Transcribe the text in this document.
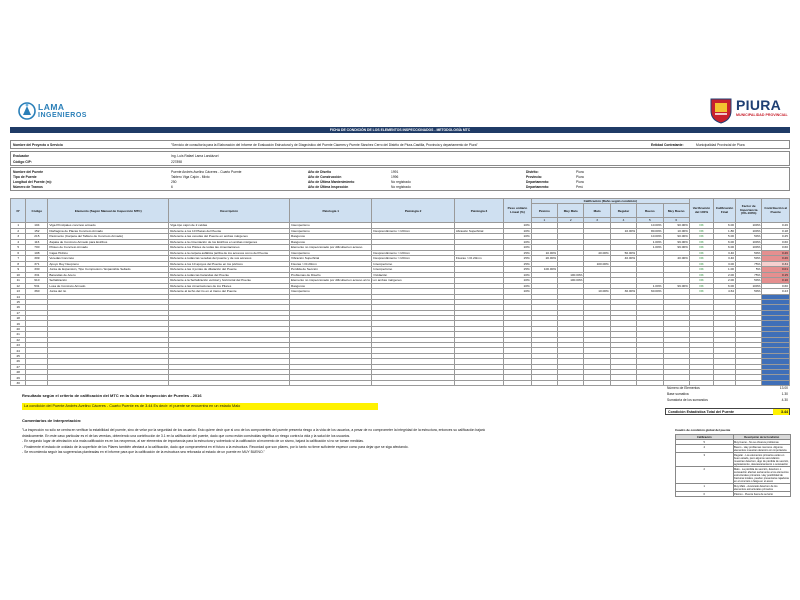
LAMA
INGENIEROS
PIURA
MUNICIPALIDAD PROVINCIAL
FICHA DE CONDICIÓN DE LOS ELEMENTOS INSPECCIONADOS - METODOLOGÍA MTC
Nombre del Proyecto o Servicio	"Servicio de consultoría para la Elaboración del Informe de Evaluación Estructural y de Diagnóstico del Puente Cáceres y Puente Sánchez Cerro del Distrito de Piura-Castilla, Provincia y departamento de Piura"	Entidad Contratante:	Municipalidad Provincial de Piura
Evaluador	Ing. Luis Rafael Lama Landázuri
Código CIP:	227898
Nombre del Puente	Puente Andrés Avelino Cáceres - Cuarto Puente
Tipo de Puente	Tablero Viga Cajón - Mixto
Longitud del Puente (m):	250
Número de Tramos	6
Año de Diseño	1991
Año de Construcción	1996
Año de Última Mantenimiento	No registrado
Año de Última Inspección	No registrado
Distrito:	Piura
Provincia:	Piura
Departamento:	Piura
Departamento:	Perú
N°	Código	Elemento (Según Manual de Inspección MTC)	Descripción	Patología 1	Patología 2	Patología 3	Peso unitario Lineal (%)	Calificación (Daño según condición)						Verificación del 100%	Calificación Final	Factor de Importancia (0%-100%)	Contribución al Puente
								Pésimo	Muy Malo	Malo	Regular	Bueno	Muy Bueno				
								1	2	3	4	5	6				
1	104	Viga Principales concreto armado	Viga tipo cajón de 2 celdas	Intemperismo			10%					10.00%	90.00%	OK	6.00	100%	0.26
2	152	Diafragma de Placas Concreto Armado	Referente a los 10 Placas del Puente	Intemperismo	Desprendimiento >=20mm	Abrasión Superficial	10%				10.00%	80.00%	10.00%	OK	1.80	100%	0.18
3	215	Pavimento (Carpeta del Tablero de Concreto Armado)	Referente a las veredas del Puente en ambas márgenes	Rasgunos			10%					10.00%	90.00%	OK	5.00	50%	0.25
4	116	Zapata de Concreto Armado para Estribos	Referente a la cimentación de los Estribos en ambas márgenes	Rasgunos			10%					1.00%	99.00%	OK	6.00	100%	0.60
5	700	Pilotes de Concreto Armado	Referente a los Pilotes de todas las cimentaciones	Elemento no inspeccionado por dificultad en acceso			10%					1.00%	99.00%	OK	6.00	100%	0.60
6	108	Cajas Hídrico	Referente a la carpeta asfáltica (arriba de los accesos como del Puente	Intemperismo	Desprendimiento >=20mm		15%	10.00%		40.00%	50.00%			OK	3.40	50%	0.26
7	309	Veredas Concreto	Referente a todas las veredas del puente y de sus accesos	Vibración Superficial	Desprendimiento >=20mm	Fisuras >=0.20mm	15%	20.00%			40.00%		40.00%	OK	3.40	50%	0.26
8	371	Apoyo Rey Neopreno	Referente a los 10 apoyos del Puente en los pórticos	Fisuras >=0.20mm	Intemperismo		15%			100.00%				OK	3.00	75%	0.34
9	330	Junta de Expansión, Tipo Compresión / Expansible Sellado	Referente a las 4 juntas de dilatación del Puente	Pérdida de Sección	Intemperismo		15%	100.00%						OK	1.00	5%	0.01
10	331	Barandas de Acero	Referente a todas las barandas del Puente	Problemas de Diseño	Oxidación		10%		100.00%					OK	2.00	75%	0.15
11	910	Señalización	Referente a la Señalización vertical y horizontal del Puente	Elemento no inspeccionado por dificultad en acceso al río y en ambas márgenes			10%		100.00%					OK	2.00	50%	0.10
12	531	Losa de Concreto Armado	Referente a las cimentaciones de los Pilares	Rasgunos			10%					1.00%	99.00%	OK	6.00	100%	0.60
13	360	Junta del rio	Referente al lecho del rio en el tramo del Puente	Intemperismo			10%			10.00%	30.00%	60.00%		OK	4.64	50%	0.23
14																	
15																	
16																	
17																	
18																	
19																	
20																	
21																	
22																	
23																	
24																	
25																	
26																	
27																	
28																	
29																	
30																	
Resultado según el criterio de calificación del MTC en la Guía de Inspección de Puentes - 2016
La condición del Puente Andrés Avelino Cáceres - Cuarto Puente es de 3.44 Es decir: el puente se encuentra en un estado Malo
Número de Elementos	13.00
Base sumativa	1.30
Sumatoria de los sumandos	4.30
Condición Estadística Total del Puente	3.44
Comentarios de Interpretación:

"La inspección no sólo se centra en verificar la estabilidad del puente, sino de velar por la seguridad de los usuarios. Esto quiere decir que si uno de los componentes del puente presenta riesgo a la vida de los usuarios, a pesar de no comprometer la integridad de la estructura, entonces su calificación bajará

drásticamente. En este caso particular es el de las veredas, obteniendo una contribución de 3.1 en la calificación del puente, dado que como están construidas significa un riesgo contra la vida y la salud de los usuarios.

- En segundo lugar de afectación a la mala calificación es en los neoprenos, al ser elementos de importancia para la estructura y sobretodo si la calificación al momento de un sismo, bajará la calificación si no se toman medidas.

- Finalmente el estado de oxidado de la superficie de los Pilares también afectará a la calificación, dado que comprometerá en el futuro a la estructura. Recordad que son pilares, por lo tanto no tiene suficiente espesor como para dejar que se siga afectando.

- Se recomienda seguir las sugerencias planteadas en el informe para que la calificación de la estructura sea reforzada al estado de un puente en MUY BUENO."

Cuadro de condición global del puente
Calificación	Descripción de la Condición
5	Muy bueno - No se observa problemas
4	Bueno - Hay problemas menores. Algunos elementos muestran deterioro sin importancia
3	Regular - Los elementos primarios están en buen estado, pero algunos secundarios muestran deterioro, algo de pérdida de sección, agrietamiento, descascaramiento o socavación
2	Malo - La pérdida de sección, deterioro o socavación afectan seriamente a los elementos estructurales primarios. Hay posibilidad de fracturas locales, pueden presentarse rajaduras en el concreto o fatiga en el acero
1	Muy Malo - Avanzado deterioro de los elementos estructurales primarios
0	Pésimo - Puente fuera de servicio
